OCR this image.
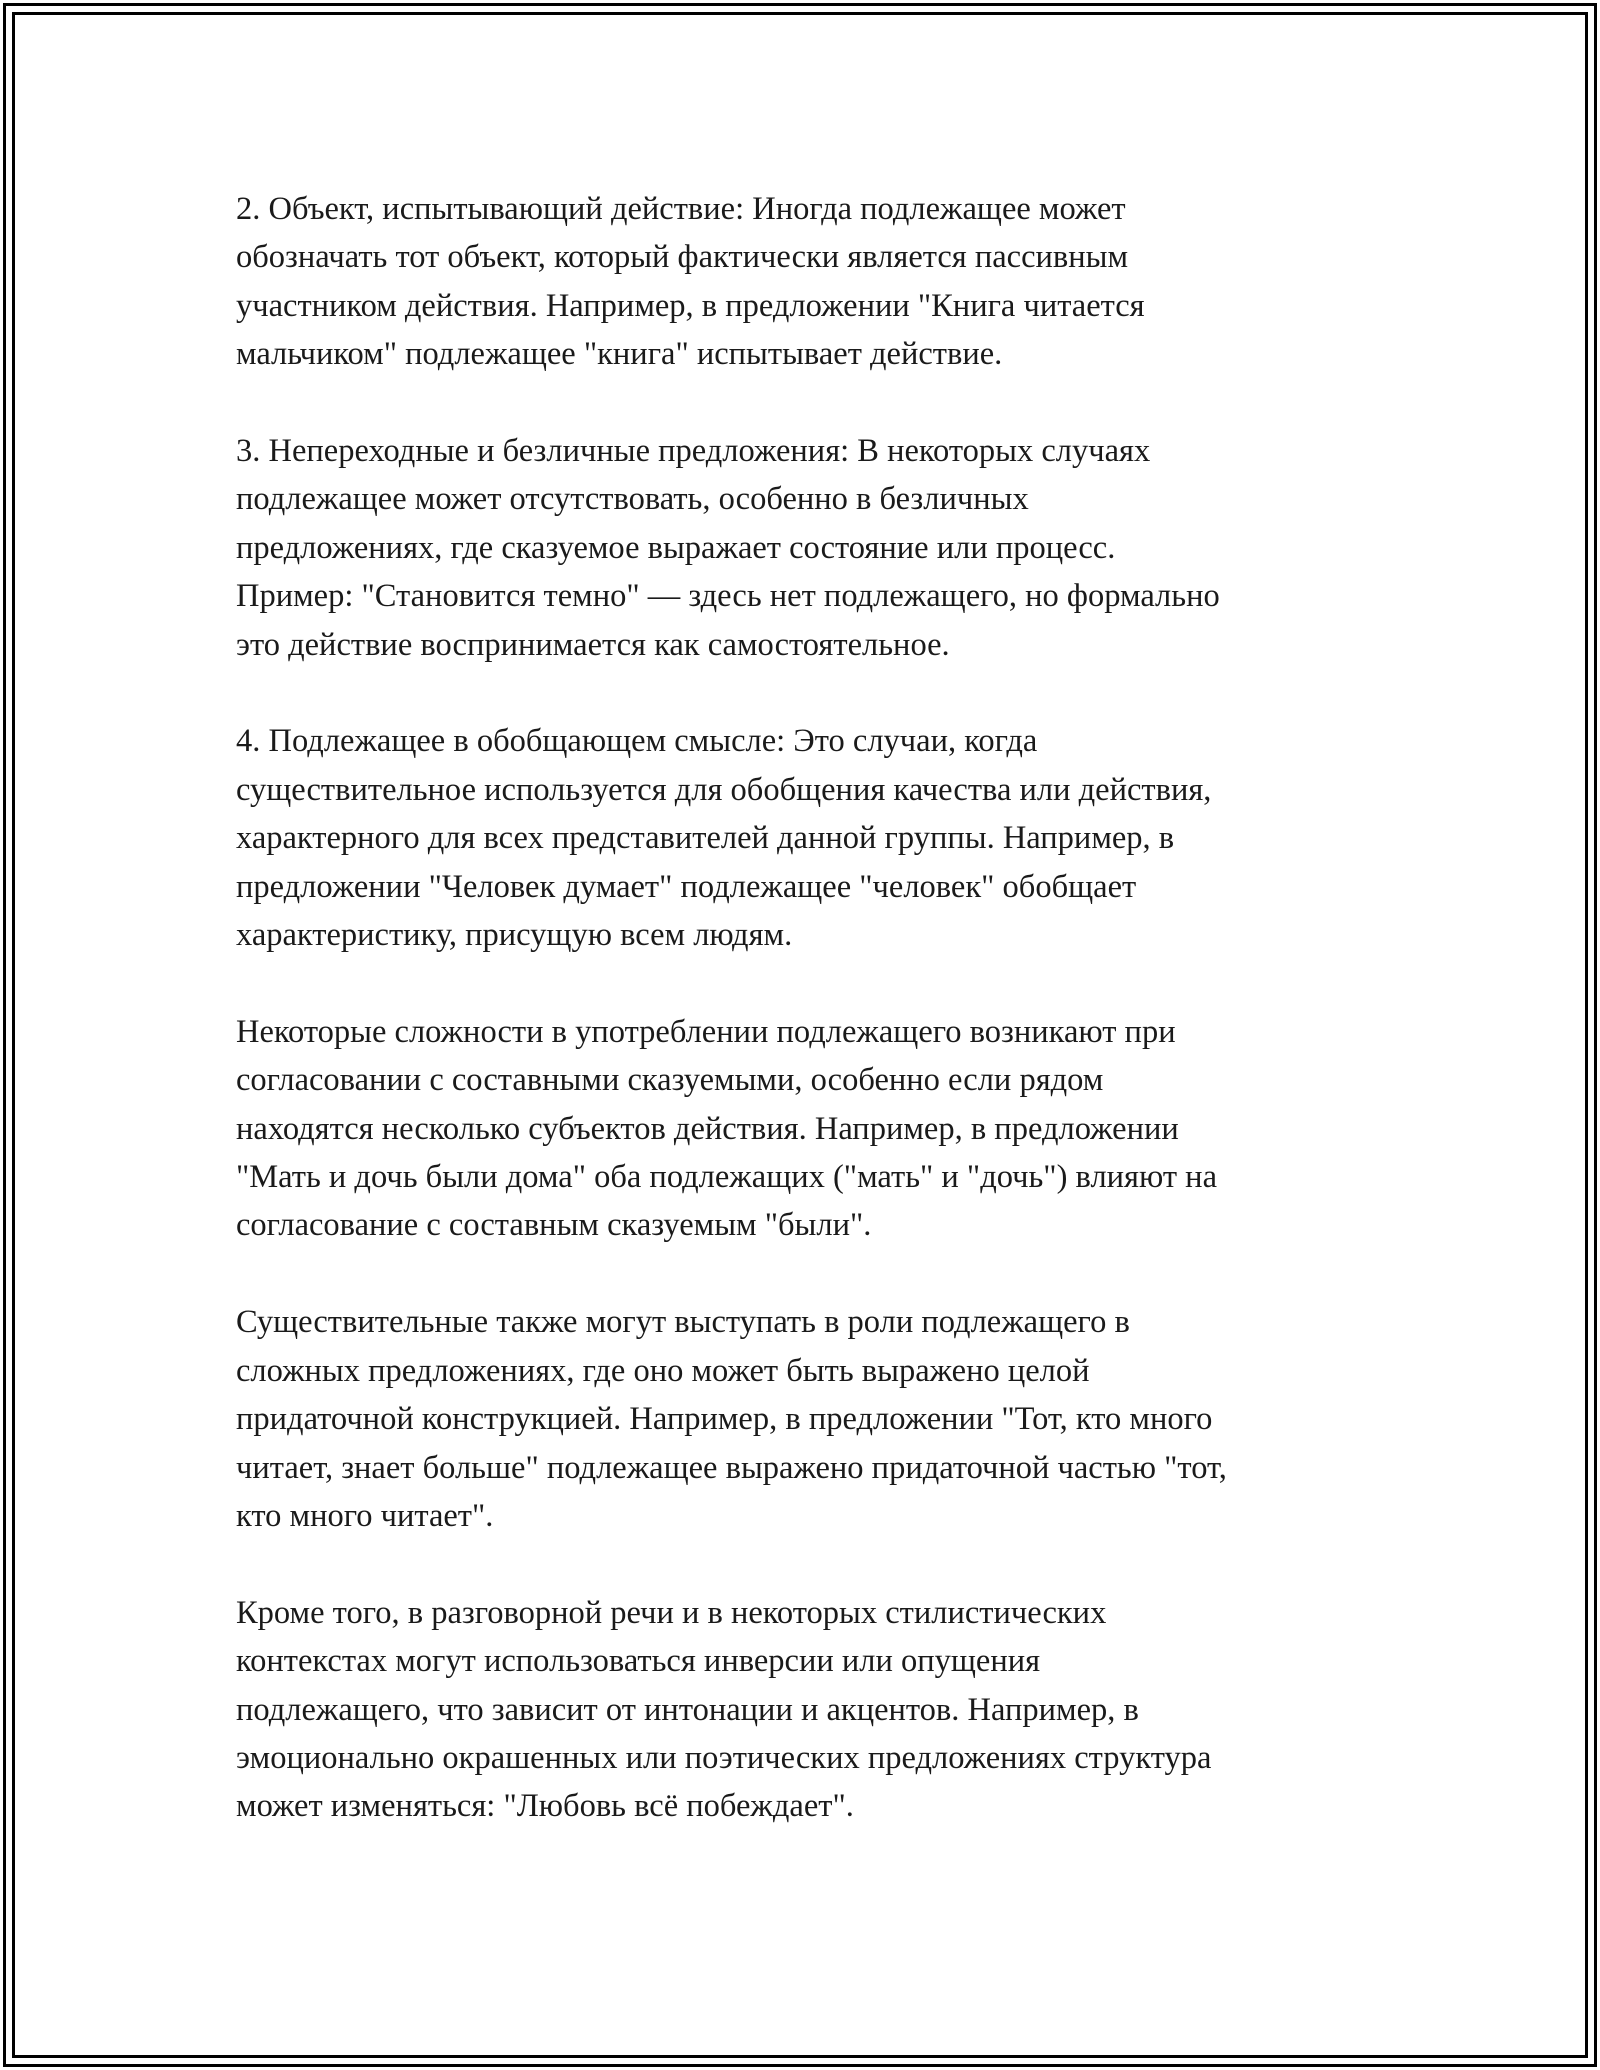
2. Объект, испытывающий действие: Иногда подлежащее может
обозначать тот объект, который фактически является пассивным
участником действия. Например, в предложении "Книга читается
мальчиком" подлежащее "книга" испытывает действие.

3. Непереходные и безличные предложения: В некоторых случаях
подлежащее может отсутствовать, особенно в безличных
предложениях, где сказуемое выражает состояние или процесс.
Пример: "Становится темно" — здесь нет подлежащего, но формально
это действие воспринимается как самостоятельное.

4. Подлежащее в обобщающем смысле: Это случаи, когда
существительное используется для обобщения качества или действия,
характерного для всех представителей данной группы. Например, в
предложении "Человек думает" подлежащее "человек" обобщает
характеристику, присущую всем людям.

Некоторые сложности в употреблении подлежащего возникают при
согласовании с составными сказуемыми, особенно если рядом
находятся несколько субъектов действия. Например, в предложении
"Мать и дочь были дома" оба подлежащих ("мать" и "дочь") влияют на
согласование с составным сказуемым "были".

Существительные также могут выступать в роли подлежащего в
сложных предложениях, где оно может быть выражено целой
придаточной конструкцией. Например, в предложении "Тот, кто много
читает, знает больше" подлежащее выражено придаточной частью "тот,
кто много читает".

Кроме того, в разговорной речи и в некоторых стилистических
контекстах могут использоваться инверсии или опущения
подлежащего, что зависит от интонации и акцентов. Например, в
эмоционально окрашенных или поэтических предложениях структура
может изменяться: "Любовь всё побеждает".
